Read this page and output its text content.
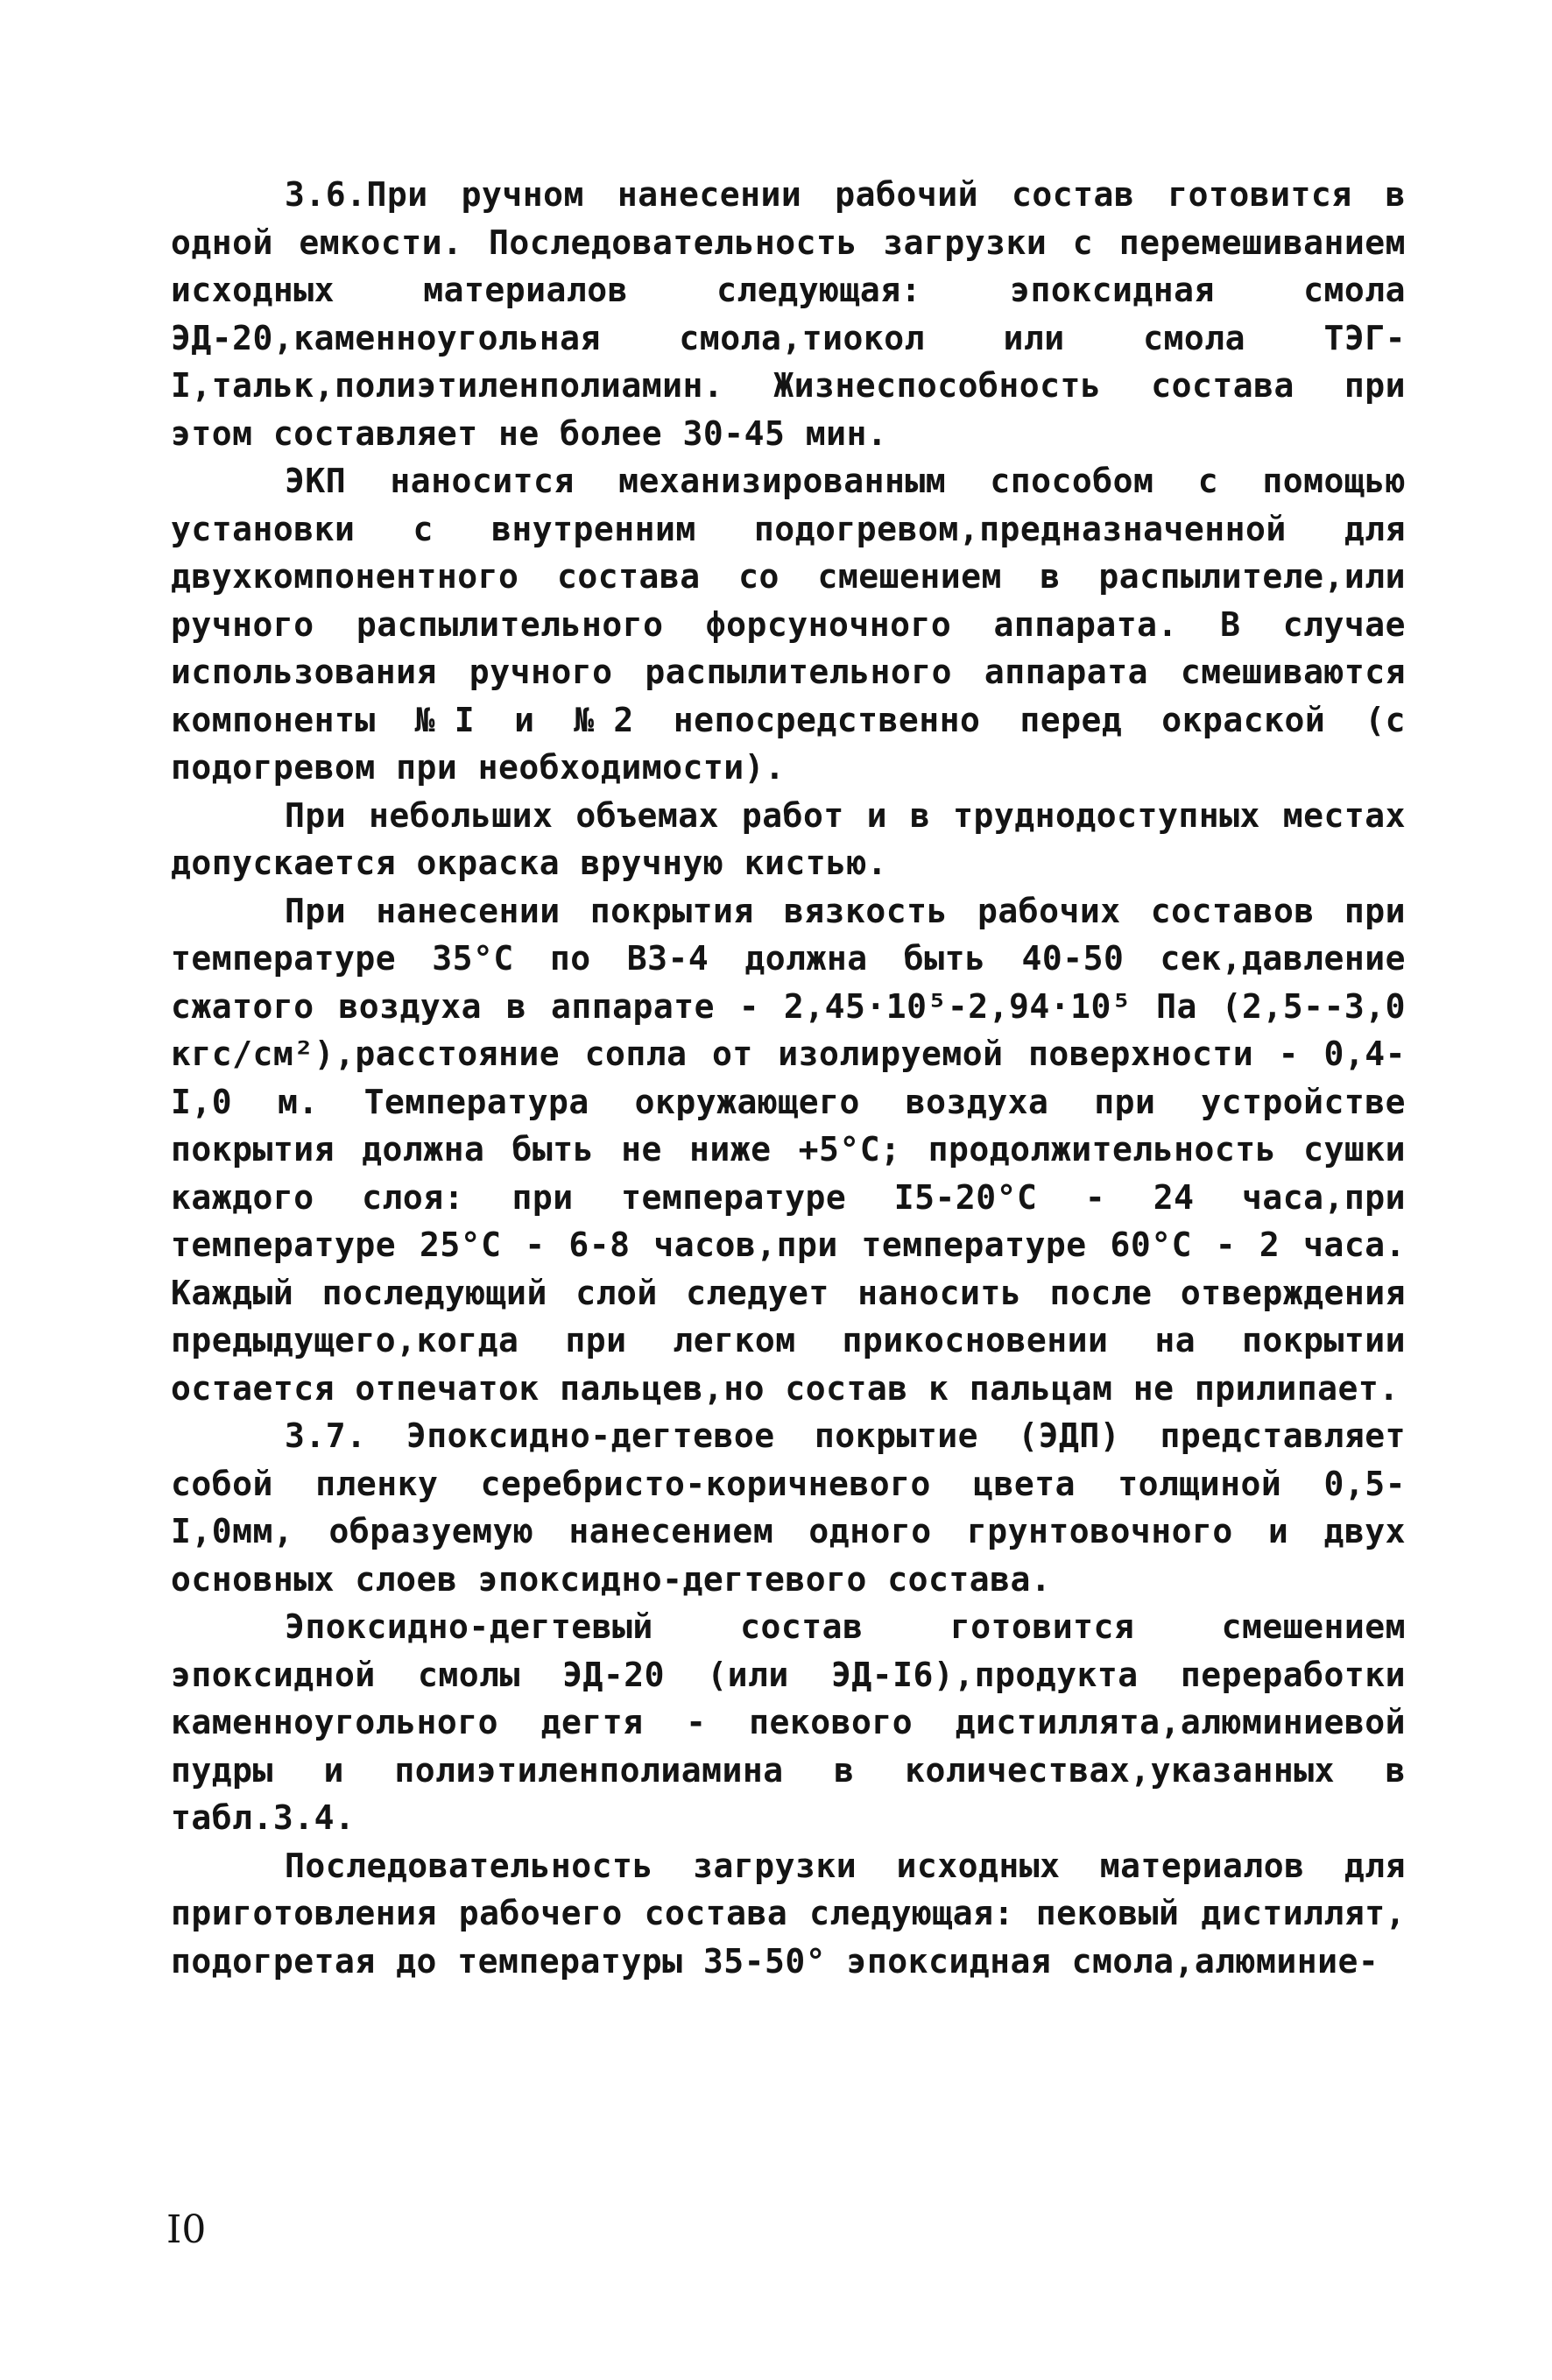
3.6.При ручном нанесении рабочий состав готовится в одной емкости. Последовательность загрузки с перемешиванием исходных материалов следующая: эпоксидная смола ЭД-20,каменноугольная смола,тиокол или смола ТЭГ-I,тальк,полиэтиленполиамин. Жизнеспособность состава при этом составляет не более 30-45 мин.

ЭКП наносится механизированным способом с помощью установки с внутренним подогревом,предназначенной для двухкомпонентного состава со смешением в распылителе,или ручного распылительного форсуночного аппарата. В случае использования ручного распылительного аппарата смешиваются компоненты №I и №2 непосредственно перед окраской (с подогревом при необходимости).

При небольших объемах работ и в труднодоступных местах допускается окраска вручную кистью.

При нанесении покрытия вязкость рабочих составов при температуре 35°С по ВЗ-4 должна быть 40-50 сек,давление сжатого воздуха в аппарате - 2,45·10⁵-2,94·10⁵ Па (2,5--3,0 кгс/см²),расстояние сопла от изолируемой поверхности - 0,4-I,0 м. Температура окружающего воздуха при устройстве покрытия должна быть не ниже +5°С; продолжительность сушки каждого слоя: при температуре I5-20°С - 24 часа,при температуре 25°С - 6-8 часов,при температуре 60°С - 2 часа. Каждый последующий слой следует наносить после отверждения предыдущего,когда при легком прикосновении на покрытии остается отпечаток пальцев,но состав к пальцам не прилипает.

3.7. Эпоксидно-дегтевое покрытие (ЭДП) представляет собой пленку серебристо-коричневого цвета толщиной 0,5-I,0мм, образуемую нанесением одного грунтовочного и двух основных слоев эпоксидно-дегтевого состава.

Эпоксидно-дегтевый состав готовится смешением эпоксидной смолы ЭД-20 (или ЭД-I6),продукта переработки каменноугольного дегтя - пекового дистиллята,алюминиевой пудры и полиэтиленполиамина в количествах,указанных в табл.3.4.

Последовательность загрузки исходных материалов для приготовления рабочего состава следующая: пековый дистиллят, подогретая до температуры 35-50° эпоксидная смола,алюминие-

I0
